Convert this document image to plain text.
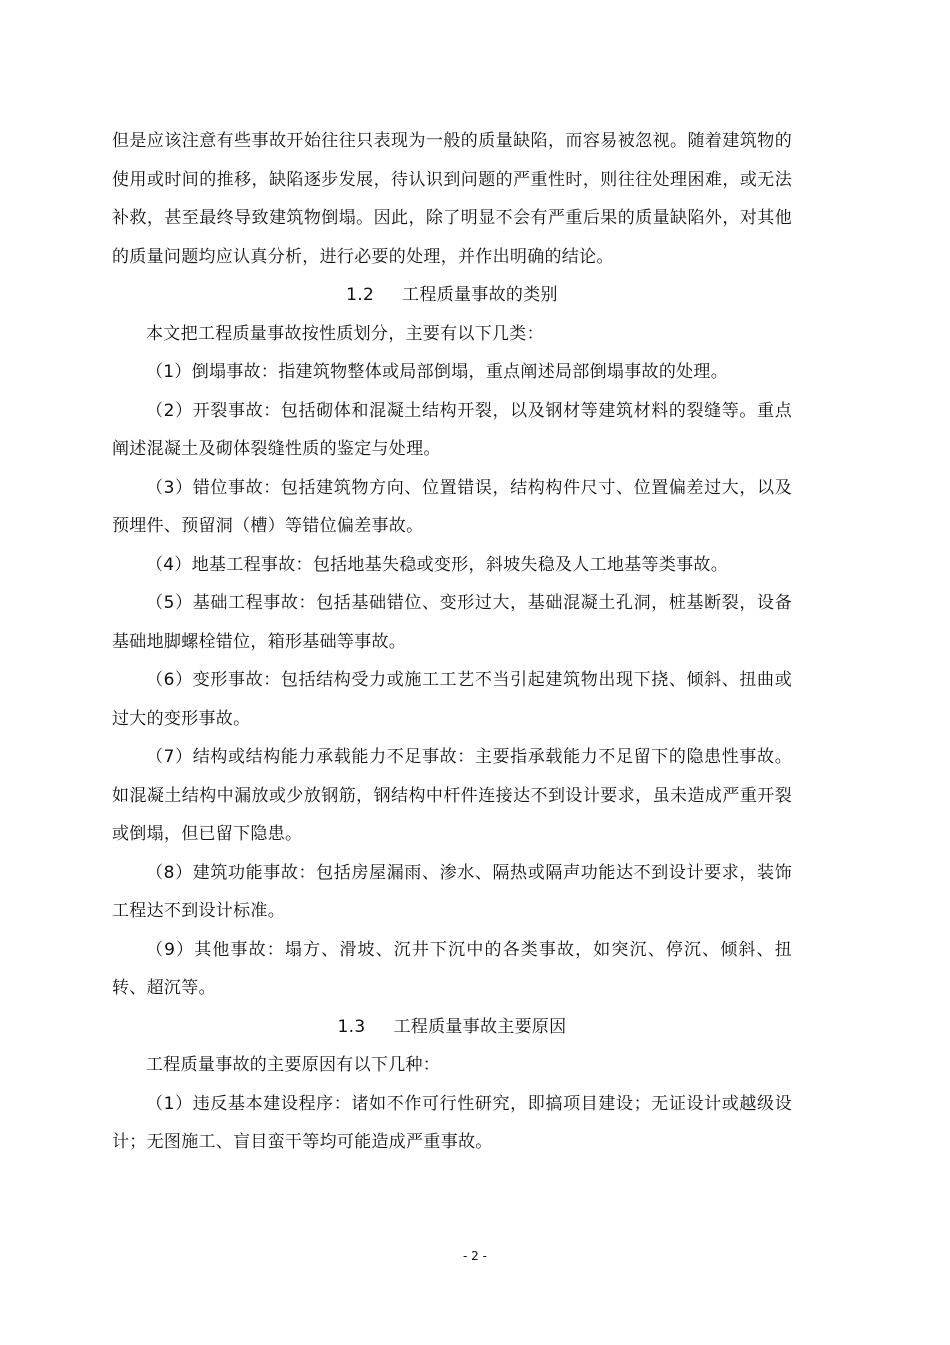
但是应该注意有些事故开始往往只表现为一般的质量缺陷，而容易被忽视。随着建筑物的使用或时间的推移，缺陷逐步发展，待认识到问题的严重性时，则往往处理困难，或无法补救，甚至最终导致建筑物倒塌。因此，除了明显不会有严重后果的质量缺陷外，对其他的质量问题均应认真分析，进行必要的处理，并作出明确的结论。

1.2 工程质量事故的类别

本文把工程质量事故按性质划分，主要有以下几类：

（1）倒塌事故：指建筑物整体或局部倒塌，重点阐述局部倒塌事故的处理。

（2）开裂事故：包括砌体和混凝土结构开裂，以及钢材等建筑材料的裂缝等。重点阐述混凝土及砌体裂缝性质的鉴定与处理。

（3）错位事故：包括建筑物方向、位置错误，结构构件尺寸、位置偏差过大，以及预埋件、预留洞（槽）等错位偏差事故。

（4）地基工程事故：包括地基失稳或变形，斜坡失稳及人工地基等类事故。

（5）基础工程事故：包括基础错位、变形过大，基础混凝土孔洞，桩基断裂，设备基础地脚螺栓错位，箱形基础等事故。

（6）变形事故：包括结构受力或施工工艺不当引起建筑物出现下挠、倾斜、扭曲或过大的变形事故。

（7）结构或结构能力承载能力不足事故：主要指承载能力不足留下的隐患性事故。如混凝土结构中漏放或少放钢筋，钢结构中杆件连接达不到设计要求，虽未造成严重开裂或倒塌，但已留下隐患。

（8）建筑功能事故：包括房屋漏雨、渗水、隔热或隔声功能达不到设计要求，装饰工程达不到设计标准。

（9）其他事故：塌方、滑坡、沉井下沉中的各类事故，如突沉、停沉、倾斜、扭转、超沉等。

1.3 工程质量事故主要原因

工程质量事故的主要原因有以下几种：

（1）违反基本建设程序：诸如不作可行性研究，即搞项目建设；无证设计或越级设计；无图施工、盲目蛮干等均可能造成严重事故。

- 2 -
